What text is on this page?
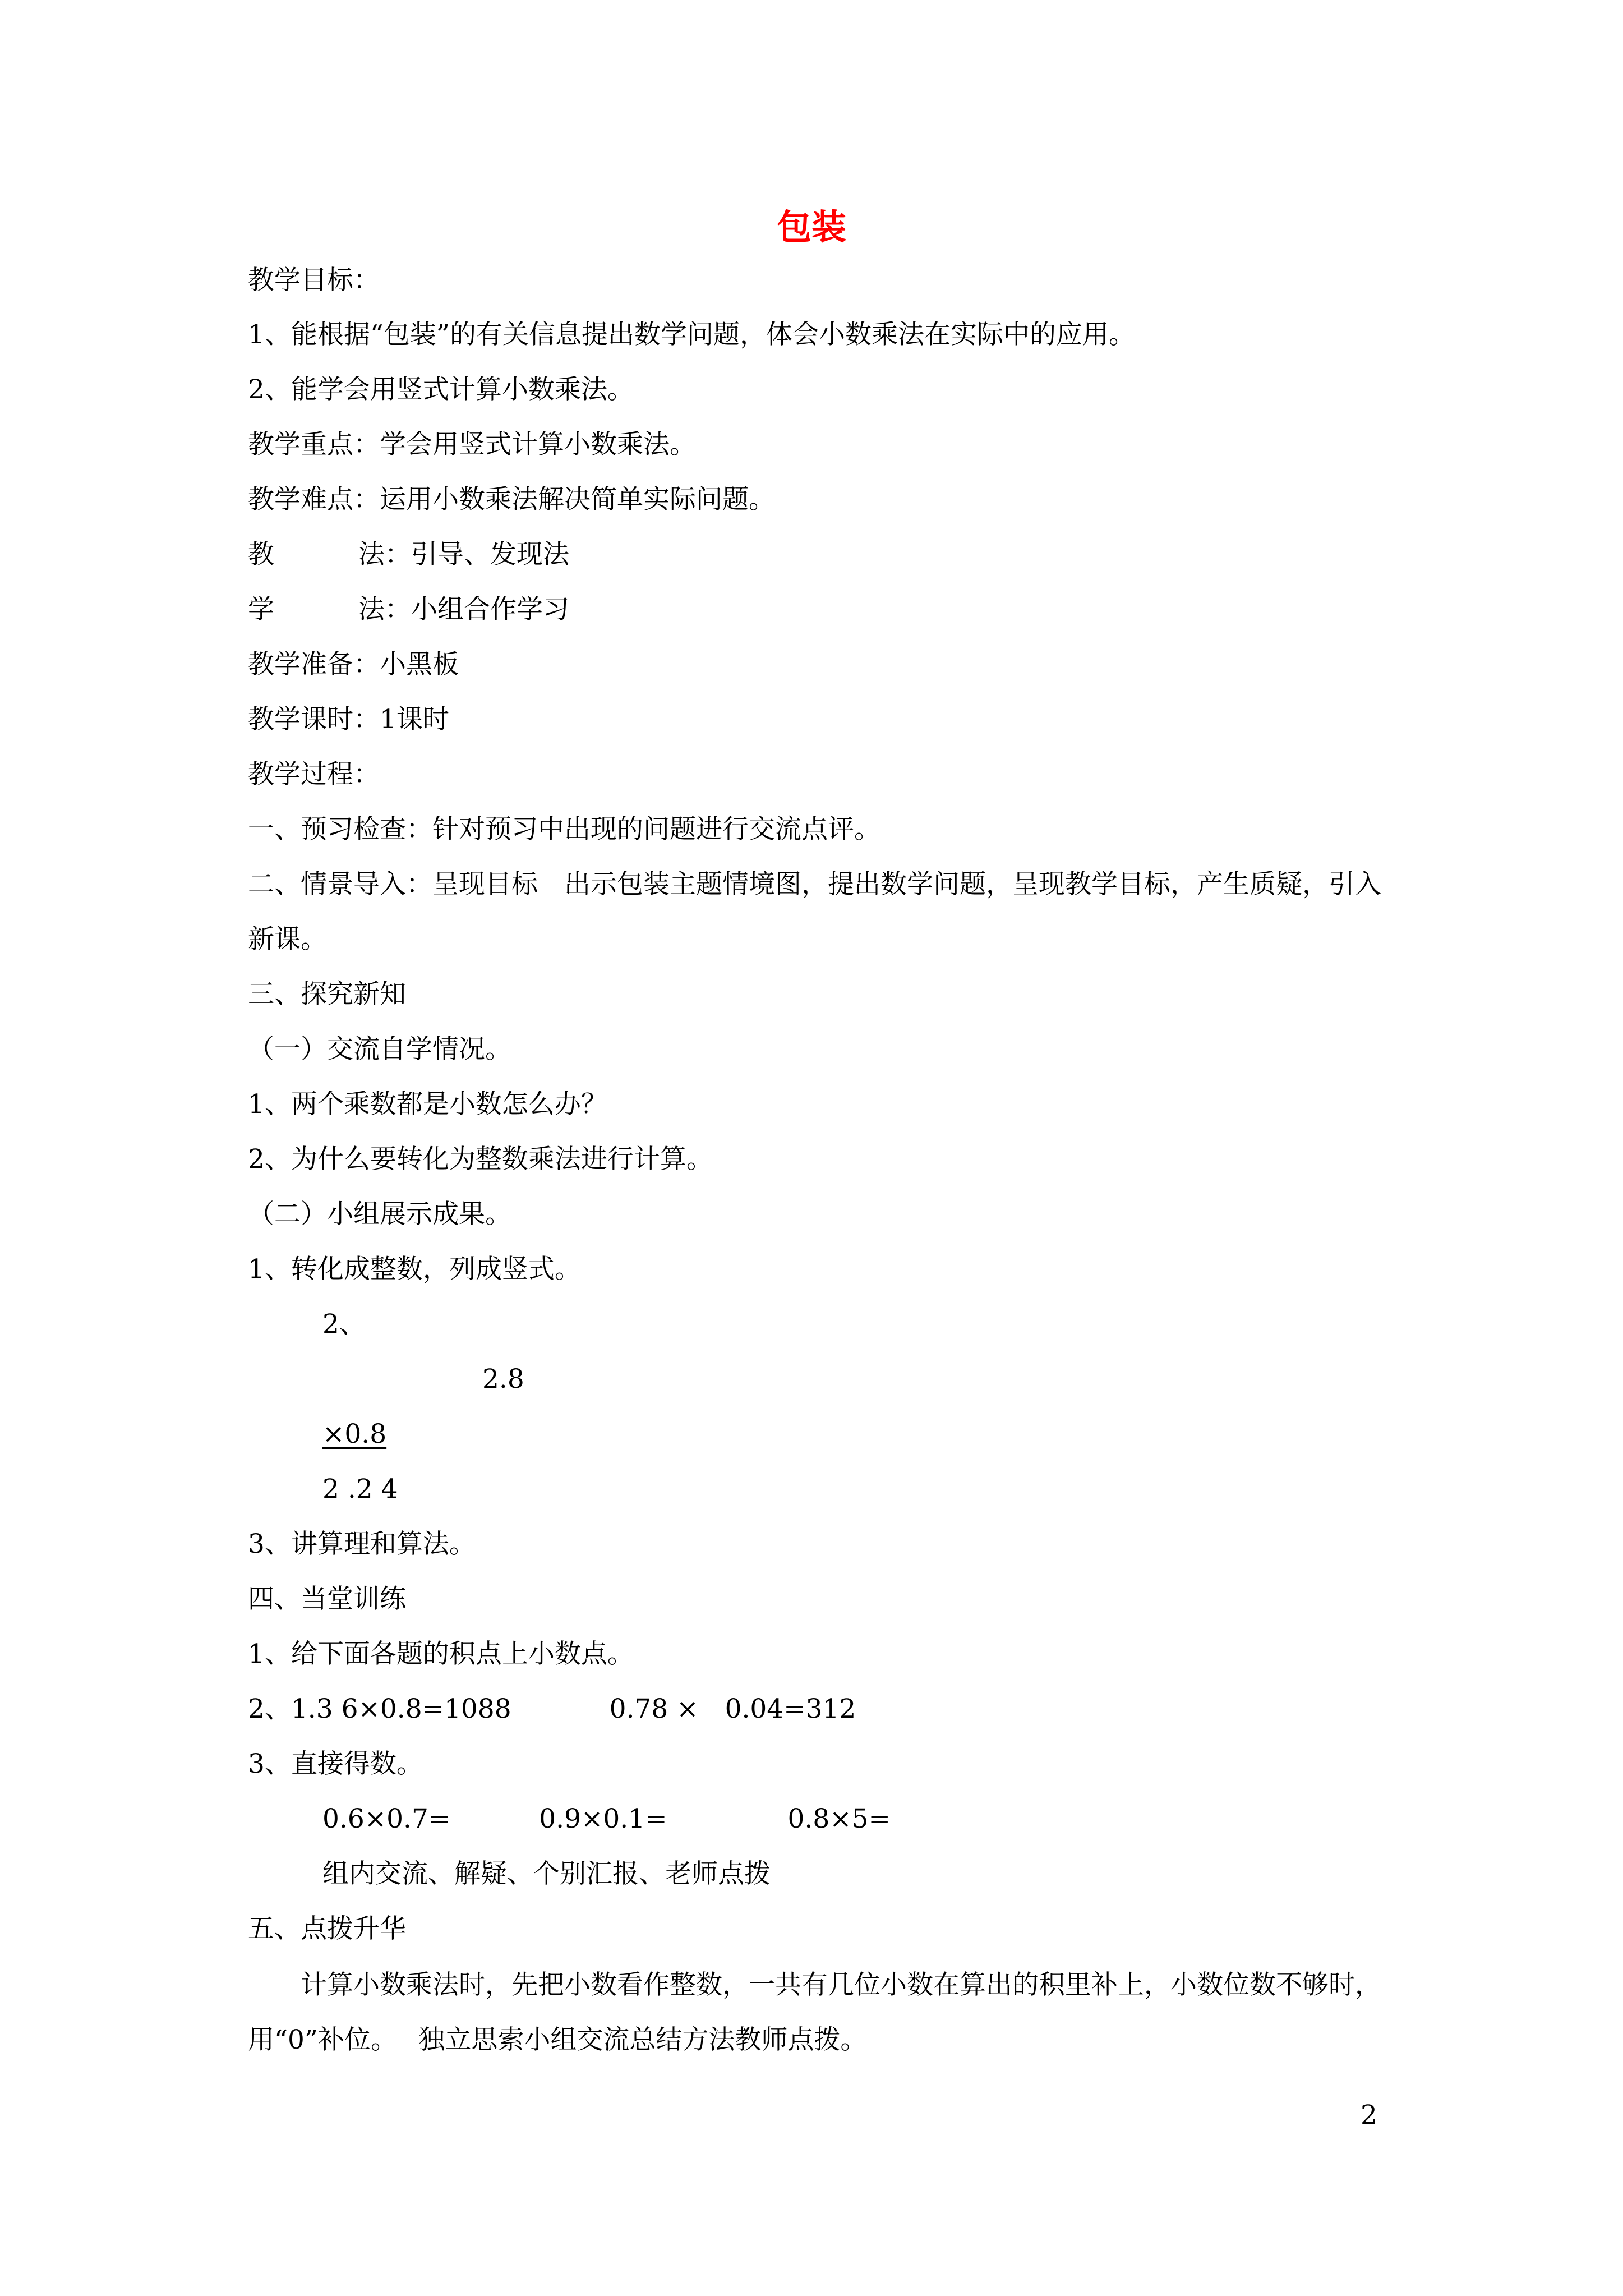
包装

教学目标：

1、能根据“包装”的有关信息提出数学问题，体会小数乘法在实际中的应用。

2、能学会用竖式计算小数乘法。

教学重点：学会用竖式计算小数乘法。

教学难点：运用小数乘法解决简单实际问题。

教	法：引导、发现法

学	法：小组合作学习

教学准备：小黑板

教学课时：1课时

教学过程：

一、预习检查：针对预习中出现的问题进行交流点评。

二、情景导入：呈现目标　出示包装主题情境图，提出数学问题，呈现教学目标，产生质疑，引入新课。

三、探究新知

（一）交流自学情况。

1、两个乘数都是小数怎么办？

2、为什么要转化为整数乘法进行计算。

（二）小组展示成果。

1、转化成整数，列成竖式。

2、

2.8

×0.8

2 .2 4

3、讲算理和算法。

四、当堂训练

1、给下面各题的积点上小数点。

2、1.3 6×0.8=1088	0.78 ×　0.04=312

3、直接得数。

0.6×0.7=	0.9×0.1=	0.8×5=

组内交流、解疑、个别汇报、老师点拨

五、点拨升华

　　计算小数乘法时，先把小数看作整数，一共有几位小数在算出的积里补上，小数位数不够时，用“0”补位。　 独立思索小组交流总结方法教师点拨。

2
